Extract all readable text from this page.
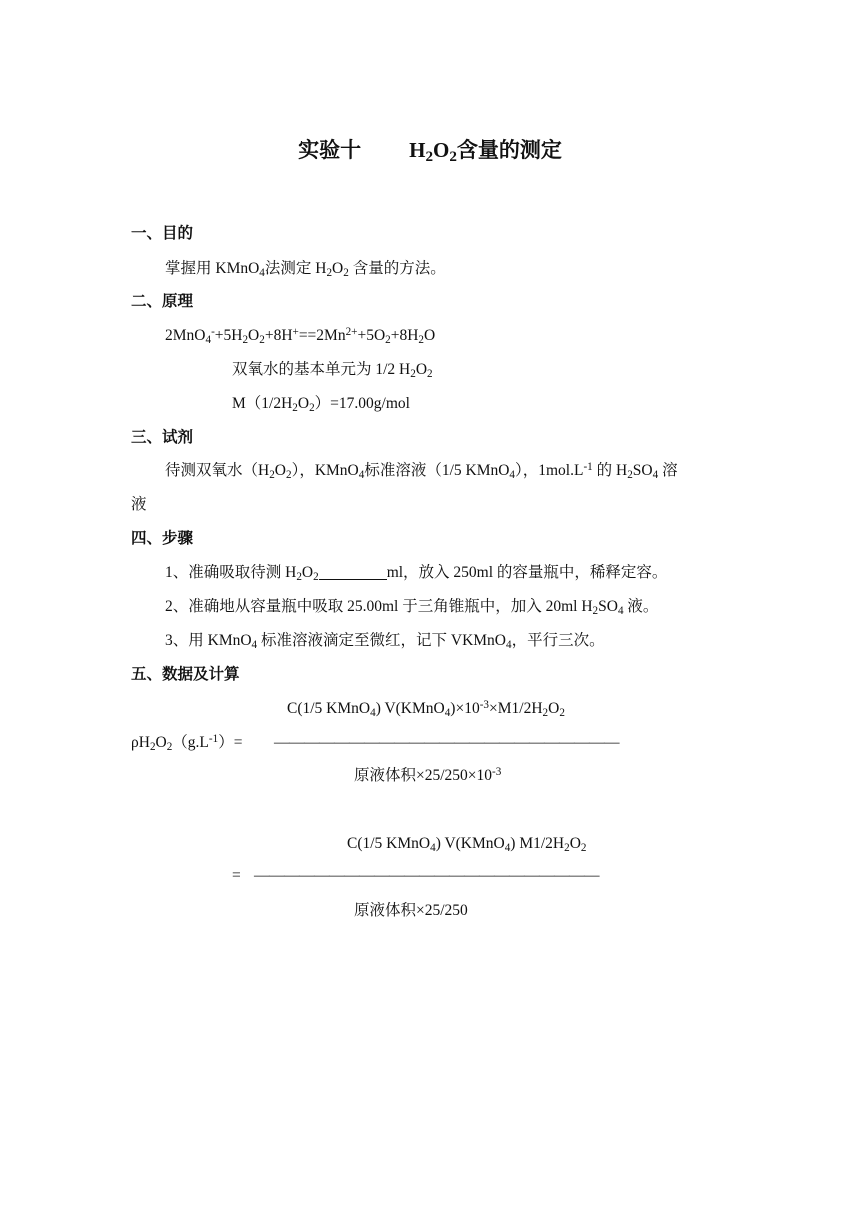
实验十 $H_2O_2$含量的测定
一、目的
掌握用 KMnO$_4$法测定 $H_2O_2$ 含量的方法。
二、原理
$2MnO_4^-+5H_2O_2+8H^+==2Mn^{2+}+5O_2+8H_2O$
双氧水的基本单元为 1/2 $H_2O_2$
$M(1/2H_2O_2)=17.00g$/mol
三、试剂
待测双氧水$(H_2O_2)$，KMnO$_4$标准溶液（1/5 KMnO$_4$），$1mol.L^{-1}$ 的 $H_2SO_4$ 溶
液
四、步骤
1、准确吸取待测 $H_2O_2$	ml，放入 250ml 的容量瓶中，稀释定容。
2、准确地从容量瓶中吸取 25.00ml 于三角锥瓶中，加入 20ml $H_2SO_4$ 液。
3、用 KMnO$_4$ 标准溶液滴定至微红，记下 VKMnO$_4$，平行三次。
五、数据及计算
C(1/5 KMnO$_4$) $V(KMnO_4)\times 10^{-3}\times M1/2H_2O_2$
$\rho H_2O_2(g.L^{-1})=$ ———————————————————————
原液体积$\times 25/250\times 10^{-3}$
C(1/5 KMnO$_4$) V(KMnO$_4$) $M1/2H_2O_2$
= ———————————————————————
原液体积×25/250
